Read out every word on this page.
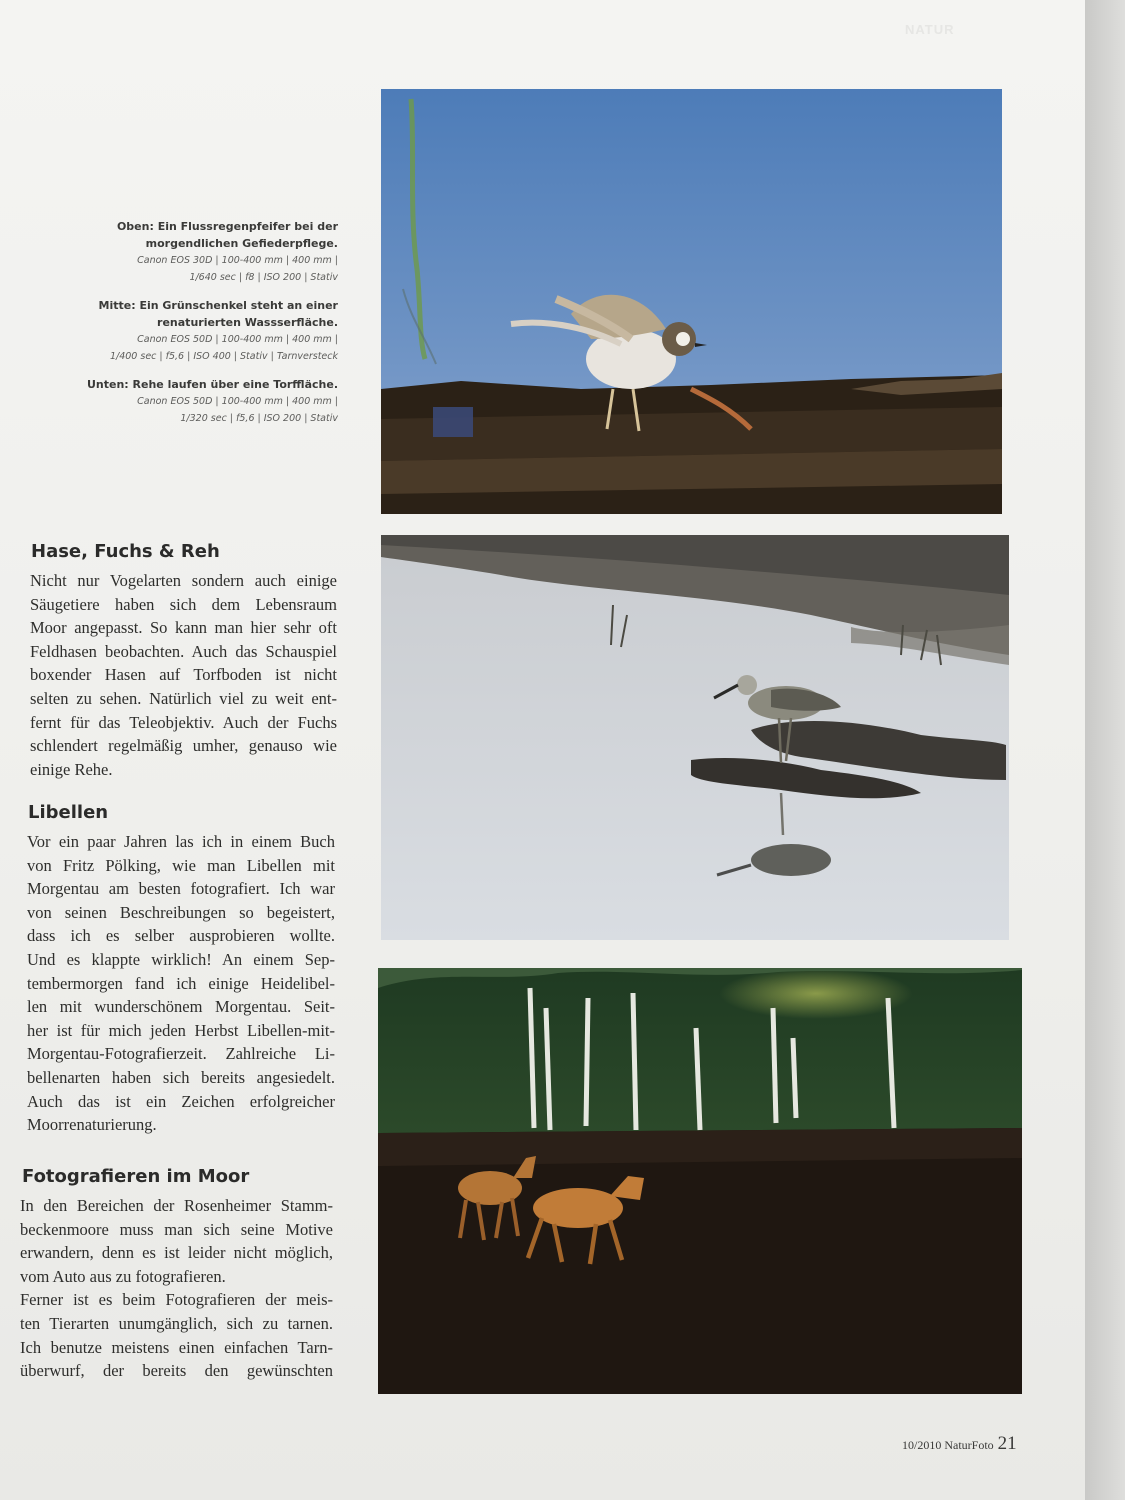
NATUR
Oben: Ein Flussregenpfeifer bei der
morgendlichen Gefiederpflege.
Canon EOS 30D | 100-400 mm | 400 mm |
1/640 sec | f8 | ISO 200 | Stativ
Mitte: Ein Grünschenkel steht an einer
renaturierten Wassserfläche.
Canon EOS 50D | 100-400 mm | 400 mm |
1/400 sec | f5,6 | ISO 400 | Stativ | Tarnversteck
Unten: Rehe laufen über eine Torffläche.
Canon EOS 50D | 100-400 mm | 400 mm |
1/320 sec | f5,6 | ISO 200 | Stativ
Hase, Fuchs & Reh
Nicht nur Vogelarten sondern auch einige
Säugetiere haben sich dem Lebensraum
Moor angepasst. So kann man hier sehr oft
Feldhasen beobachten. Auch das Schauspiel
boxender Hasen auf Torfboden ist nicht
selten zu sehen. Natürlich viel zu weit ent-
fernt für das Teleobjektiv. Auch der Fuchs
schlendert regelmäßig umher, genauso wie
einige Rehe.
Libellen
Vor ein paar Jahren las ich in einem Buch
von Fritz Pölking, wie man Libellen mit
Morgentau am besten fotografiert. Ich war
von seinen Beschreibungen so begeistert,
dass ich es selber ausprobieren wollte.
Und es klappte wirklich! An einem Sep-
tembermorgen fand ich einige Heidelibel-
len mit wunderschönem Morgentau. Seit-
her ist für mich jeden Herbst Libellen-mit-
Morgentau-Fotografierzeit. Zahlreiche Li-
bellenarten haben sich bereits angesiedelt.
Auch das ist ein Zeichen erfolgreicher
Moorrenaturierung.
Fotografieren im Moor
In den Bereichen der Rosenheimer Stamm-
beckenmoore muss man sich seine Motive
erwandern, denn es ist leider nicht möglich,
vom Auto aus zu fotografieren.
Ferner ist es beim Fotografieren der meis-
ten Tierarten unumgänglich, sich zu tarnen.
Ich benutze meistens einen einfachen Tarn-
überwurf, der bereits den gewünschten
10/2010 NaturFoto 21
